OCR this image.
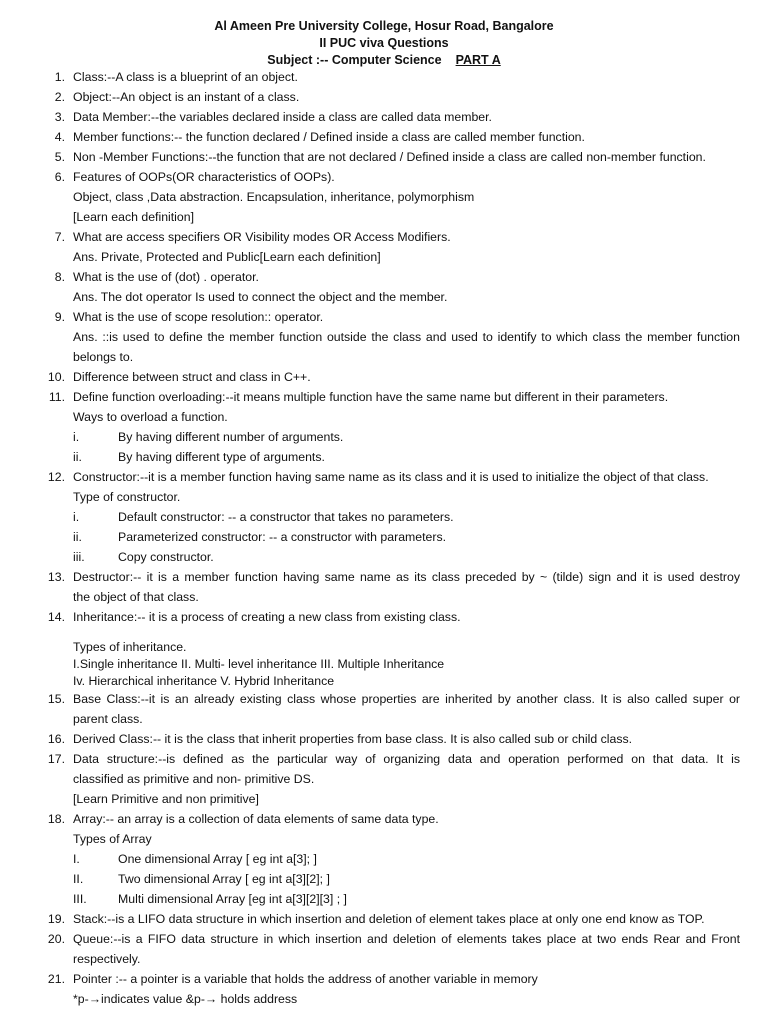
Al Ameen Pre University College, Hosur Road, Bangalore
II PUC viva Questions
Subject :-- Computer Science PART A
1. Class:--A class is a blueprint of an object.
2. Object:--An object is an instant of a class.
3. Data Member:--the variables declared inside a class are called data member.
4. Member functions:-- the function declared / Defined inside a class are called member function.
5. Non -Member Functions:--the function that are not declared / Defined inside a class are called non-member function.
6. Features of OOPs(OR characteristics of OOPs).
Object, class ,Data abstraction. Encapsulation, inheritance, polymorphism
[Learn each definition]
7. What are access specifiers OR Visibility modes OR Access Modifiers.
Ans. Private, Protected and Public[Learn each definition]
8. What is the use of (dot) . operator.
Ans. The dot operator Is used to connect the object and the member.
9. What is the use of scope resolution:: operator.
Ans. ::is used to define the member function outside the class and used to identify to which class the member function
belongs to.
10. Difference between struct and class in C++.
11. Define function overloading:--it means multiple function have the same name but different in their parameters.
Ways to overload a function.
i.	By having different number of arguments.
ii.	By having different type of arguments.
12. Constructor:--it is a member function having same name as its class and it is used to initialize the object of that class.
Type of constructor.
i.	Default constructor: -- a constructor that takes no parameters.
ii.	Parameterized constructor: -- a constructor with parameters.
iii.	Copy constructor.
13. Destructor:-- it is a member function having same name as its class preceded by ~ (tilde) sign and it is used destroy
the object of that class.
14. Inheritance:-- it is a process of creating a new class from existing class.
Types of inheritance.
I.Single inheritance II. Multi- level inheritance III. Multiple Inheritance
Iv. Hierarchical inheritance V. Hybrid Inheritance
15. Base Class:--it is an already existing class whose properties are inherited by another class. It is also called super or
parent class.
16. Derived Class:-- it is the class that inherit properties from base class. It is also called sub or child class.
17. Data structure:--is defined as the particular way of organizing data and operation performed on that data. It is
classified as primitive and non- primitive DS.
[Learn Primitive and non primitive]
18. Array:-- an array is a collection of data elements of same data type.
Types of Array
I.	One dimensional Array [ eg int a[3]; ]
II.	Two dimensional Array [ eg int a[3][2]; ]
III.	Multi dimensional Array [eg int a[3][2][3] ; ]
19. Stack:--is a LIFO data structure in which insertion and deletion of element takes place at only one end know as TOP.
20. Queue:--is a FIFO data structure in which insertion and deletion of elements takes place at two ends Rear and Front
respectively.
21. Pointer :-- a pointer is a variable that holds the address of another variable in memory
*p-→indicates value &p-→ holds address
